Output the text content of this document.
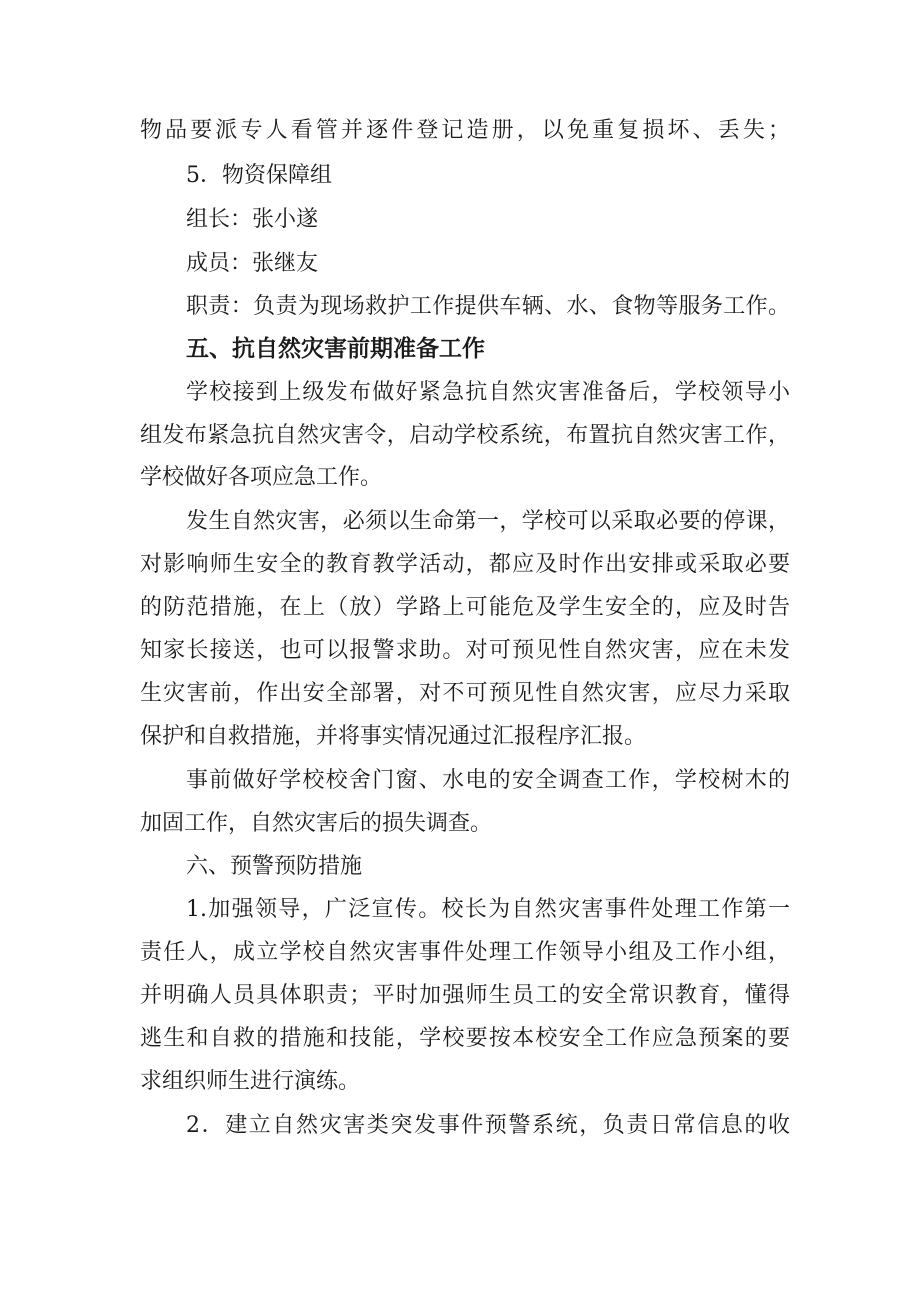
物品要派专人看管并逐件登记造册，以免重复损坏、丢失；
5．物资保障组
组长：张小遂
成员：张继友
职责：负责为现场救护工作提供车辆、水、食物等服务工作。
五、抗自然灾害前期准备工作
学校接到上级发布做好紧急抗自然灾害准备后，学校领导小
组发布紧急抗自然灾害令，启动学校系统，布置抗自然灾害工作，
学校做好各项应急工作。
发生自然灾害，必须以生命第一，学校可以采取必要的停课，
对影响师生安全的教育教学活动，都应及时作出安排或采取必要
的防范措施，在上（放）学路上可能危及学生安全的，应及时告
知家长接送，也可以报警求助。对可预见性自然灾害，应在未发
生灾害前，作出安全部署，对不可预见性自然灾害，应尽力采取
保护和自救措施，并将事实情况通过汇报程序汇报。
事前做好学校校舍门窗、水电的安全调查工作，学校树木的
加固工作，自然灾害后的损失调查。
六、预警预防措施
1.加强领导，广泛宣传。校长为自然灾害事件处理工作第一
责任人，成立学校自然灾害事件处理工作领导小组及工作小组，
并明确人员具体职责；平时加强师生员工的安全常识教育，懂得
逃生和自救的措施和技能，学校要按本校安全工作应急预案的要
求组织师生进行演练。
2．建立自然灾害类突发事件预警系统，负责日常信息的收
